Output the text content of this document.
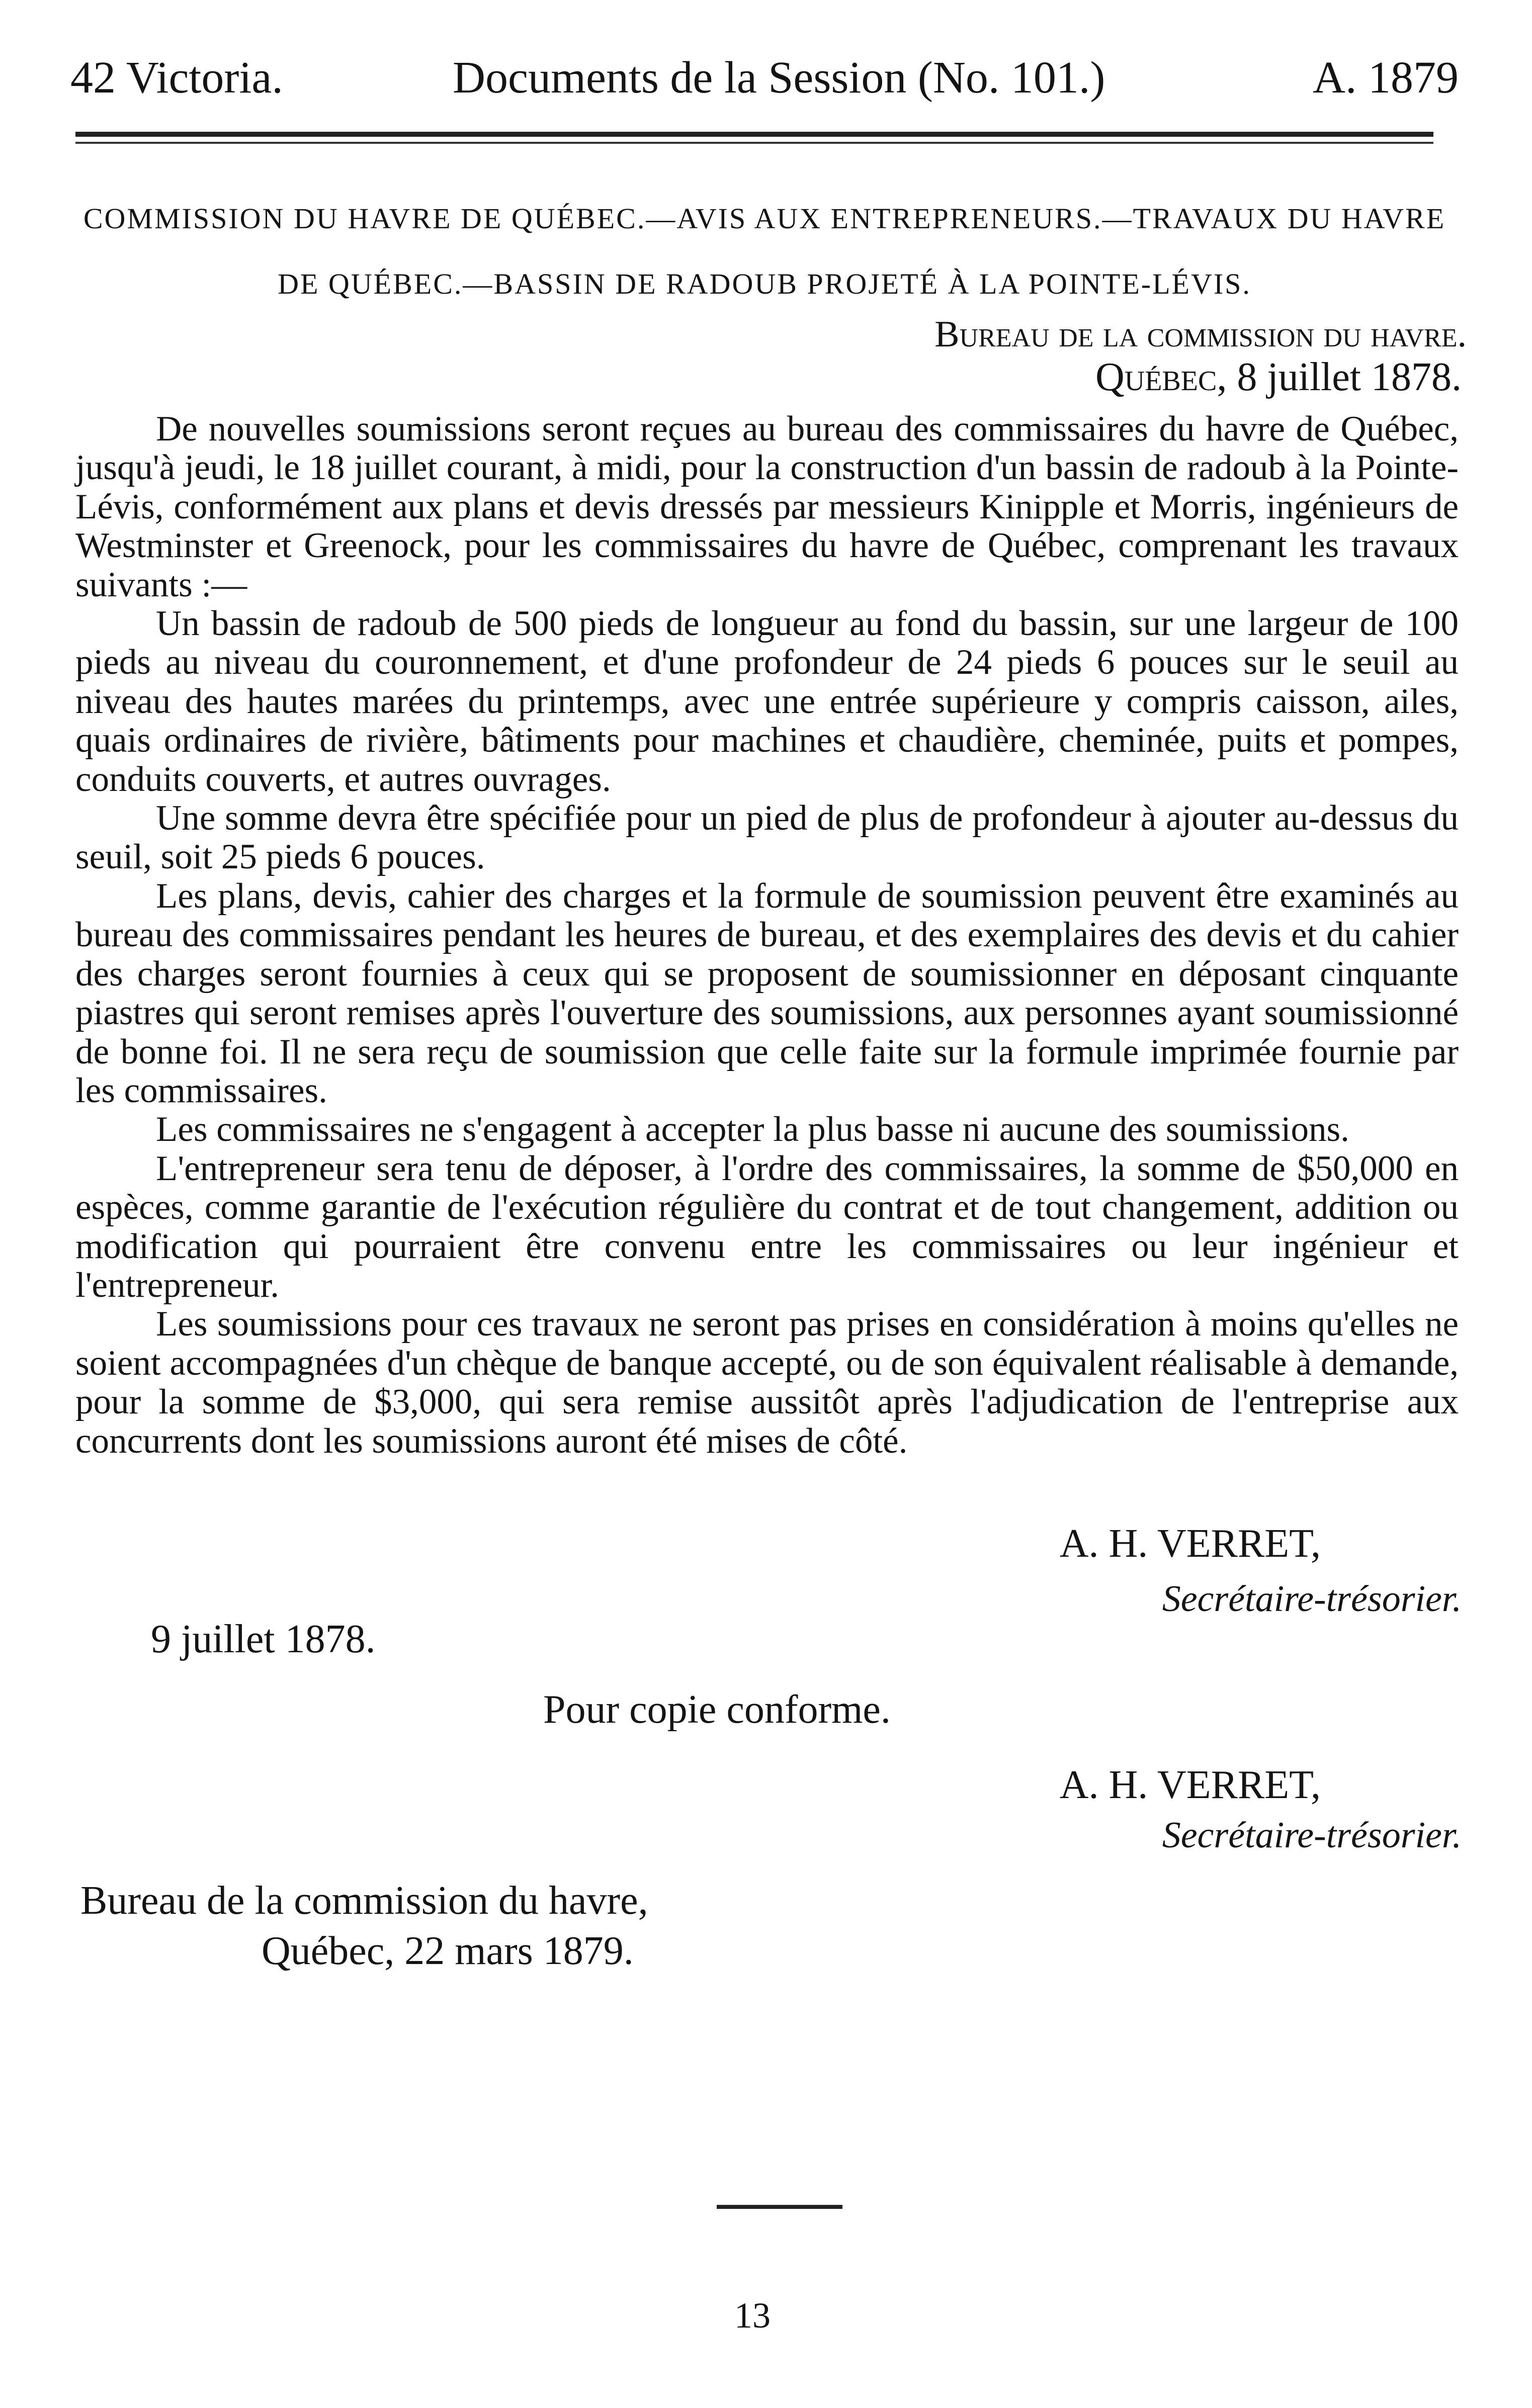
42 Victoria.	Documents de la Session (No. 101.)	A. 1879
COMMISSION DU HAVRE DE QUÉBEC.—AVIS AUX ENTREPRENEURS.—TRAVAUX DU HAVRE
DE QUÉBEC.—BASSIN DE RADOUB PROJETÉ À LA POINTE-LÉVIS.
Bureau de la commission du havre.
Québec, 8 juillet 1878.

De nouvelles soumissions seront reçues au bureau des commissaires du havre de Québec, jusqu'à jeudi, le 18 juillet courant, à midi, pour la construction d'un bassin de radoub à la Pointe-Lévis, conformément aux plans et devis dressés par messieurs Kinipple et Morris, ingénieurs de Westminster et Greenock, pour les commissaires du havre de Québec, comprenant les travaux suivants :—

Un bassin de radoub de 500 pieds de longueur au fond du bassin, sur une largeur de 100 pieds au niveau du couronnement, et d'une profondeur de 24 pieds 6 pouces sur le seuil au niveau des hautes marées du printemps, avec une entrée supérieure y compris caisson, ailes, quais ordinaires de rivière, bâtiments pour machines et chaudière, cheminée, puits et pompes, conduits couverts, et autres ouvrages.

Une somme devra être spécifiée pour un pied de plus de profondeur à ajouter au-dessus du seuil, soit 25 pieds 6 pouces.

Les plans, devis, cahier des charges et la formule de soumission peuvent être examinés au bureau des commissaires pendant les heures de bureau, et des exemplaires des devis et du cahier des charges seront fournies à ceux qui se proposent de soumissionner en déposant cinquante piastres qui seront remises après l'ouverture des soumissions, aux personnes ayant soumissionné de bonne foi. Il ne sera reçu de soumission que celle faite sur la formule imprimée fournie par les commissaires.

Les commissaires ne s'engagent à accepter la plus basse ni aucune des soumissions.

L'entrepreneur sera tenu de déposer, à l'ordre des commissaires, la somme de $50,000 en espèces, comme garantie de l'exécution régulière du contrat et de tout changement, addition ou modification qui pourraient être convenu entre les commissaires ou leur ingénieur et l'entrepreneur.

Les soumissions pour ces travaux ne seront pas prises en considération à moins qu'elles ne soient accompagnées d'un chèque de banque accepté, ou de son équivalent réalisable à demande, pour la somme de $3,000, qui sera remise aussitôt après l'adjudication de l'entreprise aux concurrents dont les soumissions auront été mises de côté.

A. H. VERRET,
Secrétaire-trésorier.
9 juillet 1878.
Pour copie conforme.
A. H. VERRET,
Secrétaire-trésorier.
Bureau de la commission du havre,
Québec, 22 mars 1879.
13
